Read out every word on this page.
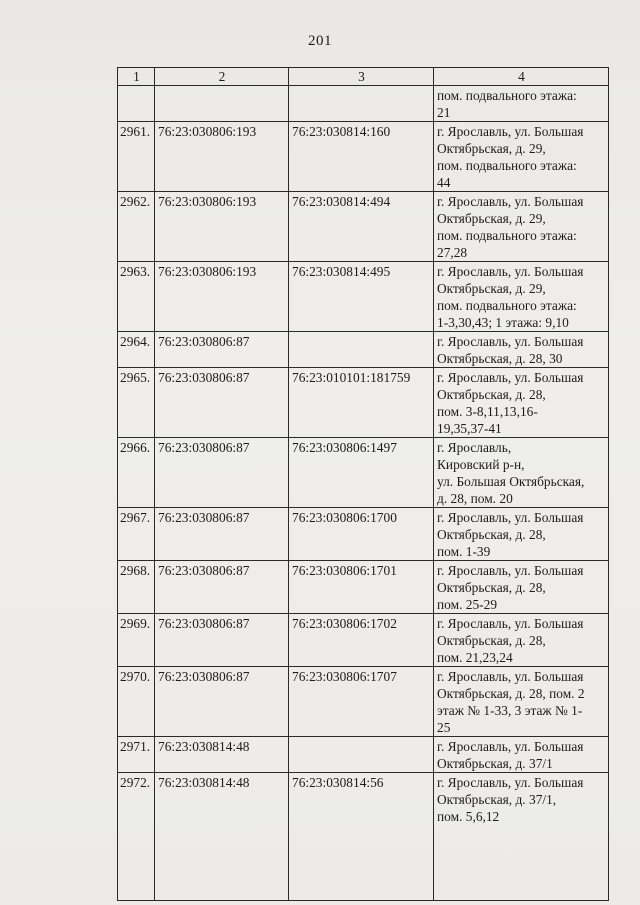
201
1	2	3	4
			пом. подвального этажа:
21
2961.	76:23:030806:193	76:23:030814:160	г. Ярославль, ул. Большая
Октябрьская, д. 29,
пом. подвального этажа:
44
2962.	76:23:030806:193	76:23:030814:494	г. Ярославль, ул. Большая
Октябрьская, д. 29,
пом. подвального этажа:
27,28
2963.	76:23:030806:193	76:23:030814:495	г. Ярославль, ул. Большая
Октябрьская, д. 29,
пом. подвального этажа:
1-3,30,43; 1 этажа: 9,10
2964.	76:23:030806:87		г. Ярославль, ул. Большая
Октябрьская, д. 28, 30
2965.	76:23:030806:87	76:23:010101:181759	г. Ярославль, ул. Большая
Октябрьская, д. 28,
пом. 3-8,11,13,16-
19,35,37-41
2966.	76:23:030806:87	76:23:030806:1497	г. Ярославль,
Кировский р-н,
ул. Большая Октябрьская,
д. 28, пом. 20
2967.	76:23:030806:87	76:23:030806:1700	г. Ярославль, ул. Большая
Октябрьская, д. 28,
пом. 1-39
2968.	76:23:030806:87	76:23:030806:1701	г. Ярославль, ул. Большая
Октябрьская, д. 28,
пом. 25-29
2969.	76:23:030806:87	76:23:030806:1702	г. Ярославль, ул. Большая
Октябрьская, д. 28,
пом. 21,23,24
2970.	76:23:030806:87	76:23:030806:1707	г. Ярославль, ул. Большая
Октябрьская, д. 28, пом. 2
этаж № 1-33, 3 этаж № 1-
25
2971.	76:23:030814:48		г. Ярославль, ул. Большая
Октябрьская, д. 37/1
2972.	76:23:030814:48	76:23:030814:56	г. Ярославль, ул. Большая
Октябрьская, д. 37/1,
пом. 5,6,12
